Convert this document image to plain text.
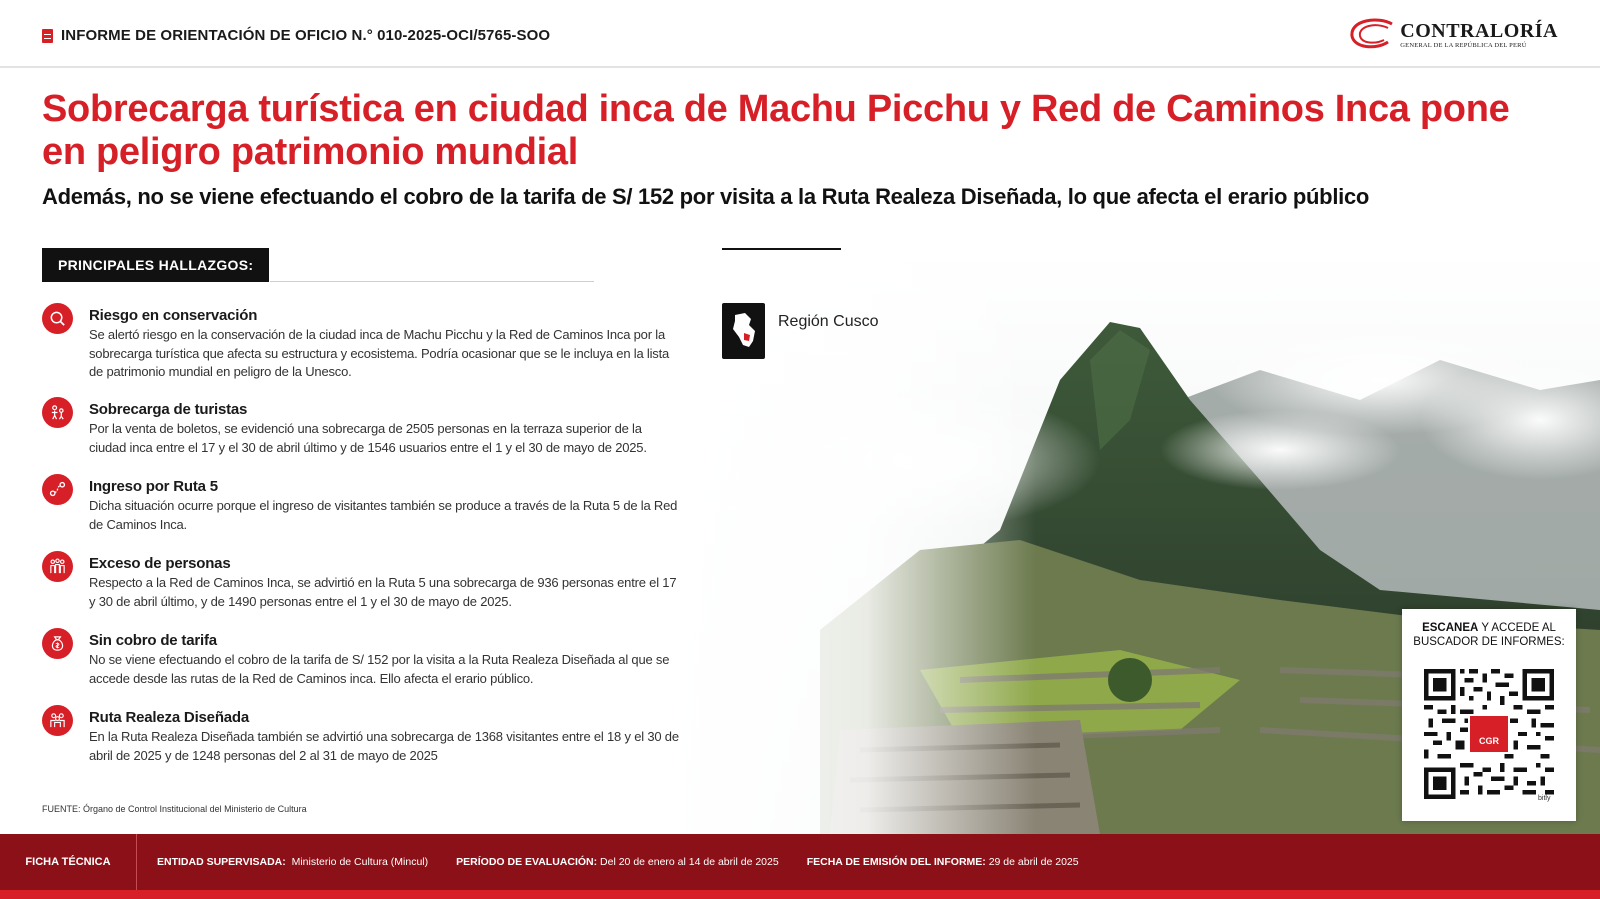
INFORME DE ORIENTACIÓN DE OFICIO N.° 010-2025-OCI/5765-SOO	CONTRALORÍA
GENERAL DE LA REPÚBLICA DEL PERÚ
Sobrecarga turística en ciudad inca de Machu Picchu y Red de Caminos Inca pone en peligro patrimonio mundial
Además, no se viene efectuando el cobro de la tarifa de S/ 152 por visita a la Ruta Realeza Diseñada, lo que afecta el erario público
PRINCIPALES HALLAZGOS:
Riesgo en conservación
Se alertó riesgo en la conservación de la ciudad inca de Machu Picchu y la Red de Caminos Inca por la sobrecarga turística que afecta su estructura y ecosistema. Podría ocasionar que se le incluya en la lista de patrimonio mundial en peligro de la Unesco.
Sobrecarga de turistas
Por la venta de boletos, se evidenció una sobrecarga de 2505 personas en la terraza superior de la ciudad inca entre el 17 y el 30 de abril último y de 1546 usuarios entre el 1 y el 30 de mayo de 2025.
Ingreso por Ruta 5
Dicha situación ocurre porque el ingreso de visitantes también se produce a través de la Ruta 5 de la Red de Caminos Inca.
Exceso de personas
Respecto a la Red de Caminos Inca, se advirtió en la Ruta 5 una sobrecarga de 936 personas entre el 17 y 30 de abril último, y de 1490 personas entre el 1 y el 30 de mayo de 2025.
Sin cobro de tarifa
No se viene efectuando el cobro de la tarifa de S/ 152 por la visita a la Ruta Realeza Diseñada al que se accede desde las rutas de la Red de Caminos inca. Ello afecta el erario público.
Ruta Realeza Diseñada
En la Ruta Realeza Diseñada también se advirtió una sobrecarga de 1368 visitantes entre el 18 y el 30 de abril de 2025 y de 1248 personas del 2 al 31 de mayo de 2025
FUENTE: Órgano de Control Institucional del Ministerio de Cultura
Región Cusco
ESCANEA Y ACCEDE AL BUSCADOR DE INFORMES:
CGR
bitly
FICHA TÉCNICA	ENTIDAD SUPERVISADA: Ministerio de Cultura (Mincul)	PERÍODO DE EVALUACIÓN: Del 20 de enero al 14 de abril de 2025	FECHA DE EMISIÓN DEL INFORME: 29 de abril de 2025
